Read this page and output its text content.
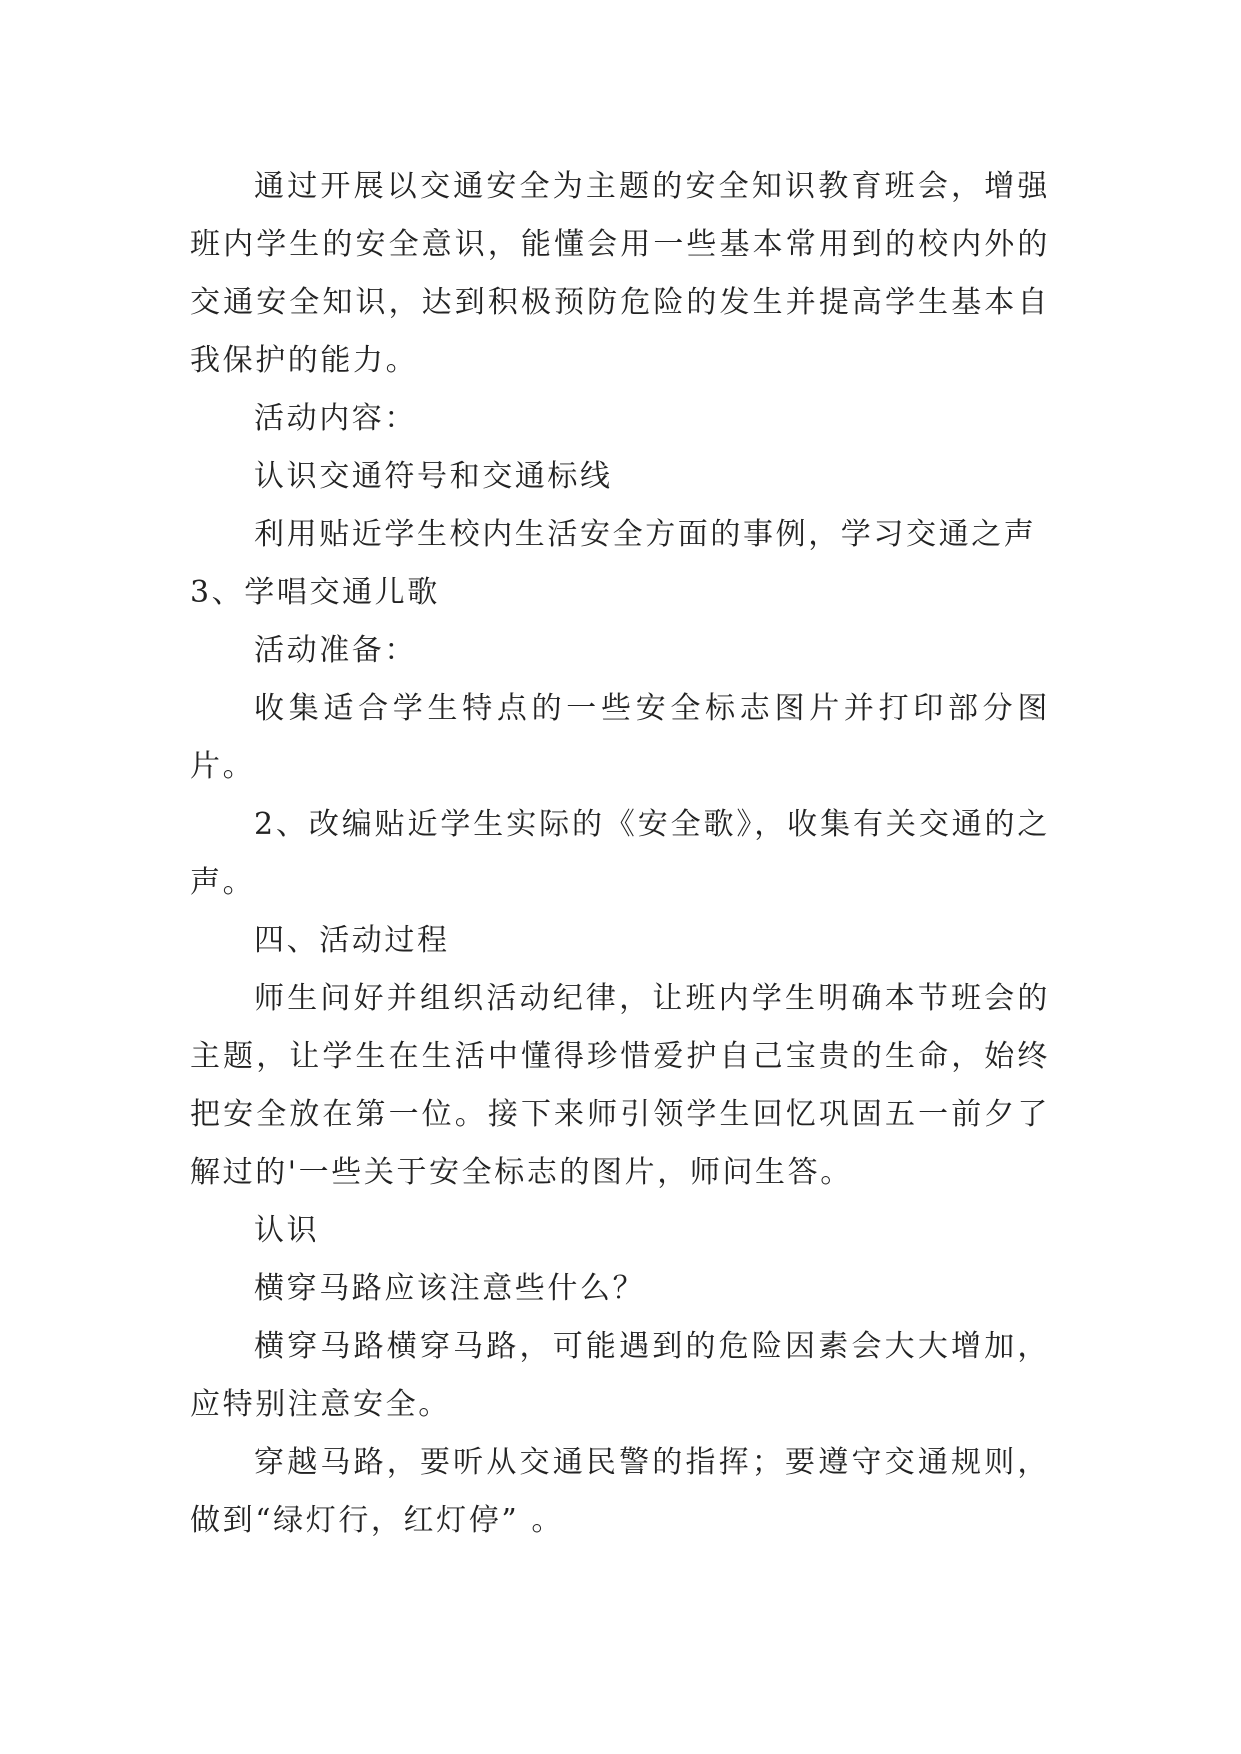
通过开展以交通安全为主题的安全知识教育班会，增强班内学生的安全意识，能懂会用一些基本常用到的校内外的交通安全知识，达到积极预防危险的发生并提高学生基本自我保护的能力。

活动内容：

认识交通符号和交通标线

利用贴近学生校内生活安全方面的事例，学习交通之声

3、学唱交通儿歌

活动准备：

收集适合学生特点的一些安全标志图片并打印部分图片。

2、改编贴近学生实际的《安全歌》，收集有关交通的之声。

四、活动过程

师生问好并组织活动纪律，让班内学生明确本节班会的主题，让学生在生活中懂得珍惜爱护自己宝贵的生命，始终把安全放在第一位。接下来师引领学生回忆巩固五一前夕了解过的'一些关于安全标志的图片，师问生答。

认识

横穿马路应该注意些什么？

横穿马路横穿马路，可能遇到的危险因素会大大增加，应特别注意安全。

穿越马路，要听从交通民警的指挥；要遵守交通规则，做到“绿灯行，红灯停” 。
